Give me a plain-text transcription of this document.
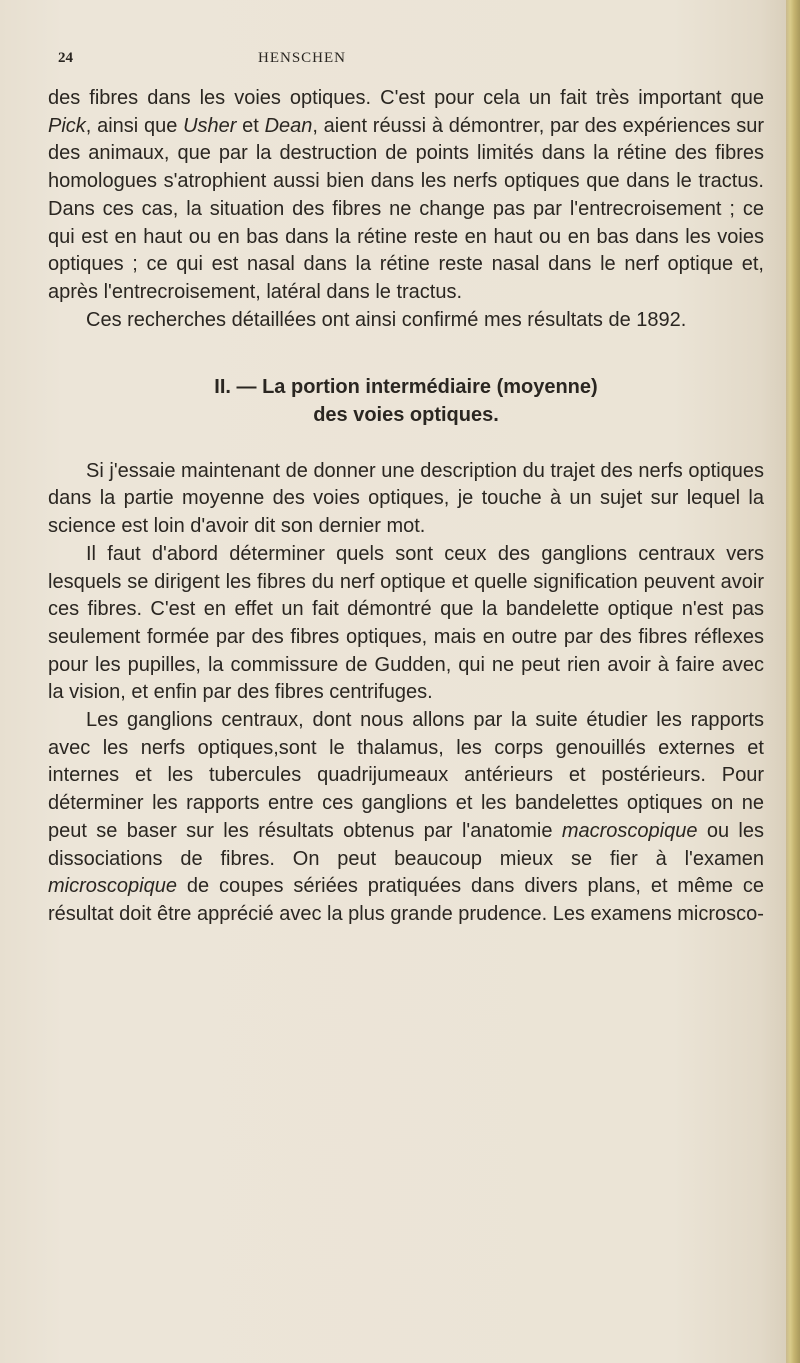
24	HENSCHEN

des fibres dans les voies optiques. C'est pour cela un fait très important que Pick, ainsi que Usher et Dean, aient réussi à démontrer, par des expériences sur des animaux, que par la destruction de points limités dans la rétine des fibres homologues s'atrophient aussi bien dans les nerfs optiques que dans le tractus. Dans ces cas, la situation des fibres ne change pas par l'entrecroisement ; ce qui est en haut ou en bas dans la rétine reste en haut ou en bas dans les voies optiques ; ce qui est nasal dans la rétine reste nasal dans le nerf optique et, après l'entrecroisement, latéral dans le tractus.

Ces recherches détaillées ont ainsi confirmé mes résultats de 1892.

II. — La portion intermédiaire (moyenne)
des voies optiques.

Si j'essaie maintenant de donner une description du trajet des nerfs optiques dans la partie moyenne des voies optiques, je touche à un sujet sur lequel la science est loin d'avoir dit son dernier mot.

Il faut d'abord déterminer quels sont ceux des ganglions centraux vers lesquels se dirigent les fibres du nerf optique et quelle signification peuvent avoir ces fibres. C'est en effet un fait démontré que la bandelette optique n'est pas seulement formée par des fibres optiques, mais en outre par des fibres réflexes pour les pupilles, la commissure de Gudden, qui ne peut rien avoir à faire avec la vision, et enfin par des fibres centrifuges.

Les ganglions centraux, dont nous allons par la suite étudier les rapports avec les nerfs optiques,sont le thalamus, les corps genouillés externes et internes et les tubercules quadrijumeaux antérieurs et postérieurs. Pour déterminer les rapports entre ces ganglions et les bandelettes optiques on ne peut se baser sur les résultats obtenus par l'anatomie macroscopique ou les dissociations de fibres. On peut beaucoup mieux se fier à l'examen microscopique de coupes sériées pratiquées dans divers plans, et même ce résultat doit être apprécié avec la plus grande prudence. Les examens microsco-
